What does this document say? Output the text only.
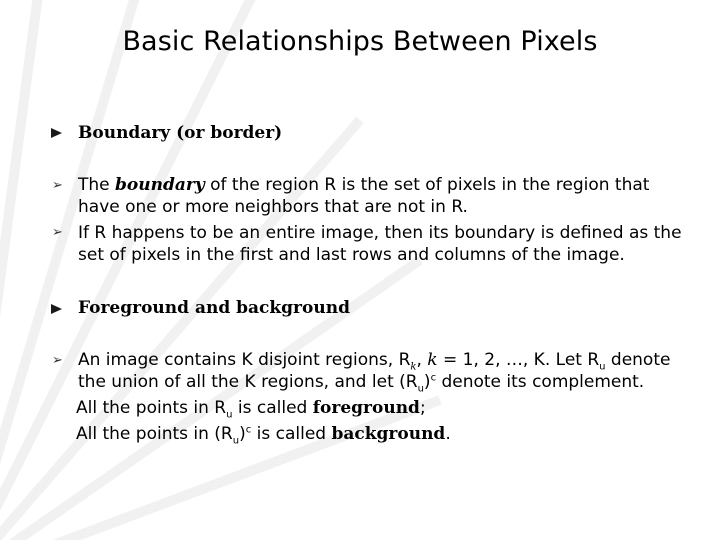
Basic Relationships Between Pixels
Boundary (or border)
➢ The boundary of the region R is the set of pixels in the region that
have one or more neighbors that are not in R.
➢ If R happens to be an entire image, then its boundary is defined as the
set of pixels in the first and last rows and columns of the image.
Foreground and background
➢ An image contains K disjoint regions, $R_k$, k = 1, 2, …, K. Let $R_u$ denote
the union of all the K regions, and let $(R_u)^c$ denote its complement.
All the points in $R_u$ is called foreground;
All the points in $(R_u)^c$ is called background.
